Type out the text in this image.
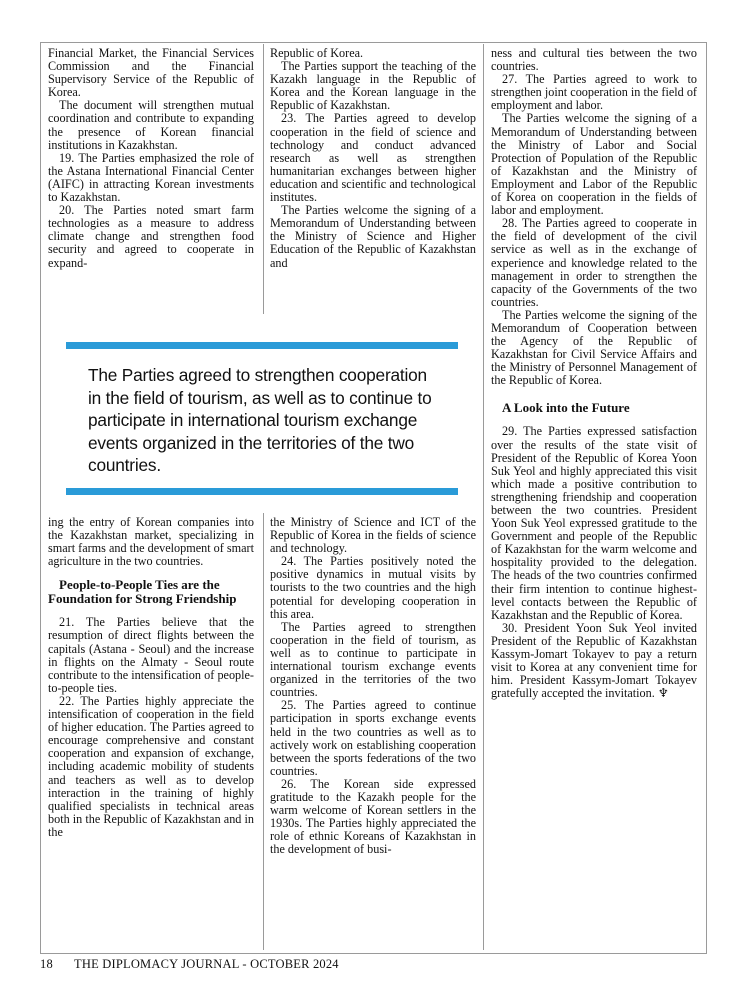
Financial Market, the Financial Services Commission and the Financial Supervisory Service of the Republic of Korea.

The document will strengthen mutual coordination and contribute to expanding the presence of Korean financial institutions in Kazakhstan.

19. The Parties emphasized the role of the Astana International Financial Center (AIFC) in attracting Korean investments to Kazakhstan.

20. The Parties noted smart farm technologies as a measure to address climate change and strengthen food security and agreed to cooperate in expand-

Republic of Korea.

The Parties support the teaching of the Kazakh language in the Republic of Korea and the Korean language in the Republic of Kazakhstan.

23. The Parties agreed to develop cooperation in the field of science and technology and conduct advanced research as well as strengthen humanitarian exchanges between higher education and scientific and technological institutes.

The Parties welcome the signing of a Memorandum of Understanding between the Ministry of Science and Higher Education of the Republic of Kazakhstan and

The Parties agreed to strengthen cooperation in the field of tourism, as well as to continue to participate in international tourism exchange events organized in the territories of the two countries.

ing the entry of Korean companies into the Kazakhstan market, specializing in smart farms and the development of smart agriculture in the two countries.

People-to-People Ties are the Foundation for Strong Friendship

21. The Parties believe that the resumption of direct flights between the capitals (Astana - Seoul) and the increase in flights on the Almaty - Seoul route contribute to the intensification of people-to-people ties.

22. The Parties highly appreciate the intensification of cooperation in the field of higher education. The Parties agreed to encourage comprehensive and constant cooperation and expansion of exchange, including academic mobility of students and teachers as well as to develop interaction in the training of highly qualified specialists in technical areas both in the Republic of Kazakhstan and in the

the Ministry of Science and ICT of the Republic of Korea in the fields of science and technology.

24. The Parties positively noted the positive dynamics in mutual visits by tourists to the two countries and the high potential for developing cooperation in this area.

The Parties agreed to strengthen cooperation in the field of tourism, as well as to continue to participate in international tourism exchange events organized in the territories of the two countries.

25. The Parties agreed to continue participation in sports exchange events held in the two countries as well as to actively work on establishing cooperation between the sports federations of the two countries.

26. The Korean side expressed gratitude to the Kazakh people for the warm welcome of Korean settlers in the 1930s. The Parties highly appreciated the role of ethnic Koreans of Kazakhstan in the development of busi-

ness and cultural ties between the two countries.

27. The Parties agreed to work to strengthen joint cooperation in the field of employment and labor.

The Parties welcome the signing of a Memorandum of Understanding between the Ministry of Labor and Social Protection of Population of the Republic of Kazakhstan and the Ministry of Employment and Labor of the Republic of Korea on cooperation in the fields of labor and employment.

28. The Parties agreed to cooperate in the field of development of the civil service as well as in the exchange of experience and knowledge related to the management in order to strengthen the capacity of the Governments of the two countries.

The Parties welcome the signing of the Memorandum of Cooperation between the Agency of the Republic of Kazakhstan for Civil Service Affairs and the Ministry of Personnel Management of the Republic of Korea.

A Look into the Future

29. The Parties expressed satisfaction over the results of the state visit of President of the Republic of Korea Yoon Suk Yeol and highly appreciated this visit which made a positive contribution to strengthening friendship and cooperation between the two countries. President Yoon Suk Yeol expressed gratitude to the Government and people of the Republic of Kazakhstan for the warm welcome and hospitality provided to the delegation. The heads of the two countries confirmed their firm intention to continue highest-level contacts between the Republic of Kazakhstan and the Republic of Korea.

30. President Yoon Suk Yeol invited President of the Republic of Kazakhstan Kassym-Jomart Tokayev to pay a return visit to Korea at any convenient time for him. President Kassym-Jomart Tokayev gratefully accepted the invitation. ♆

18 THE DIPLOMACY JOURNAL - OCTOBER 2024
